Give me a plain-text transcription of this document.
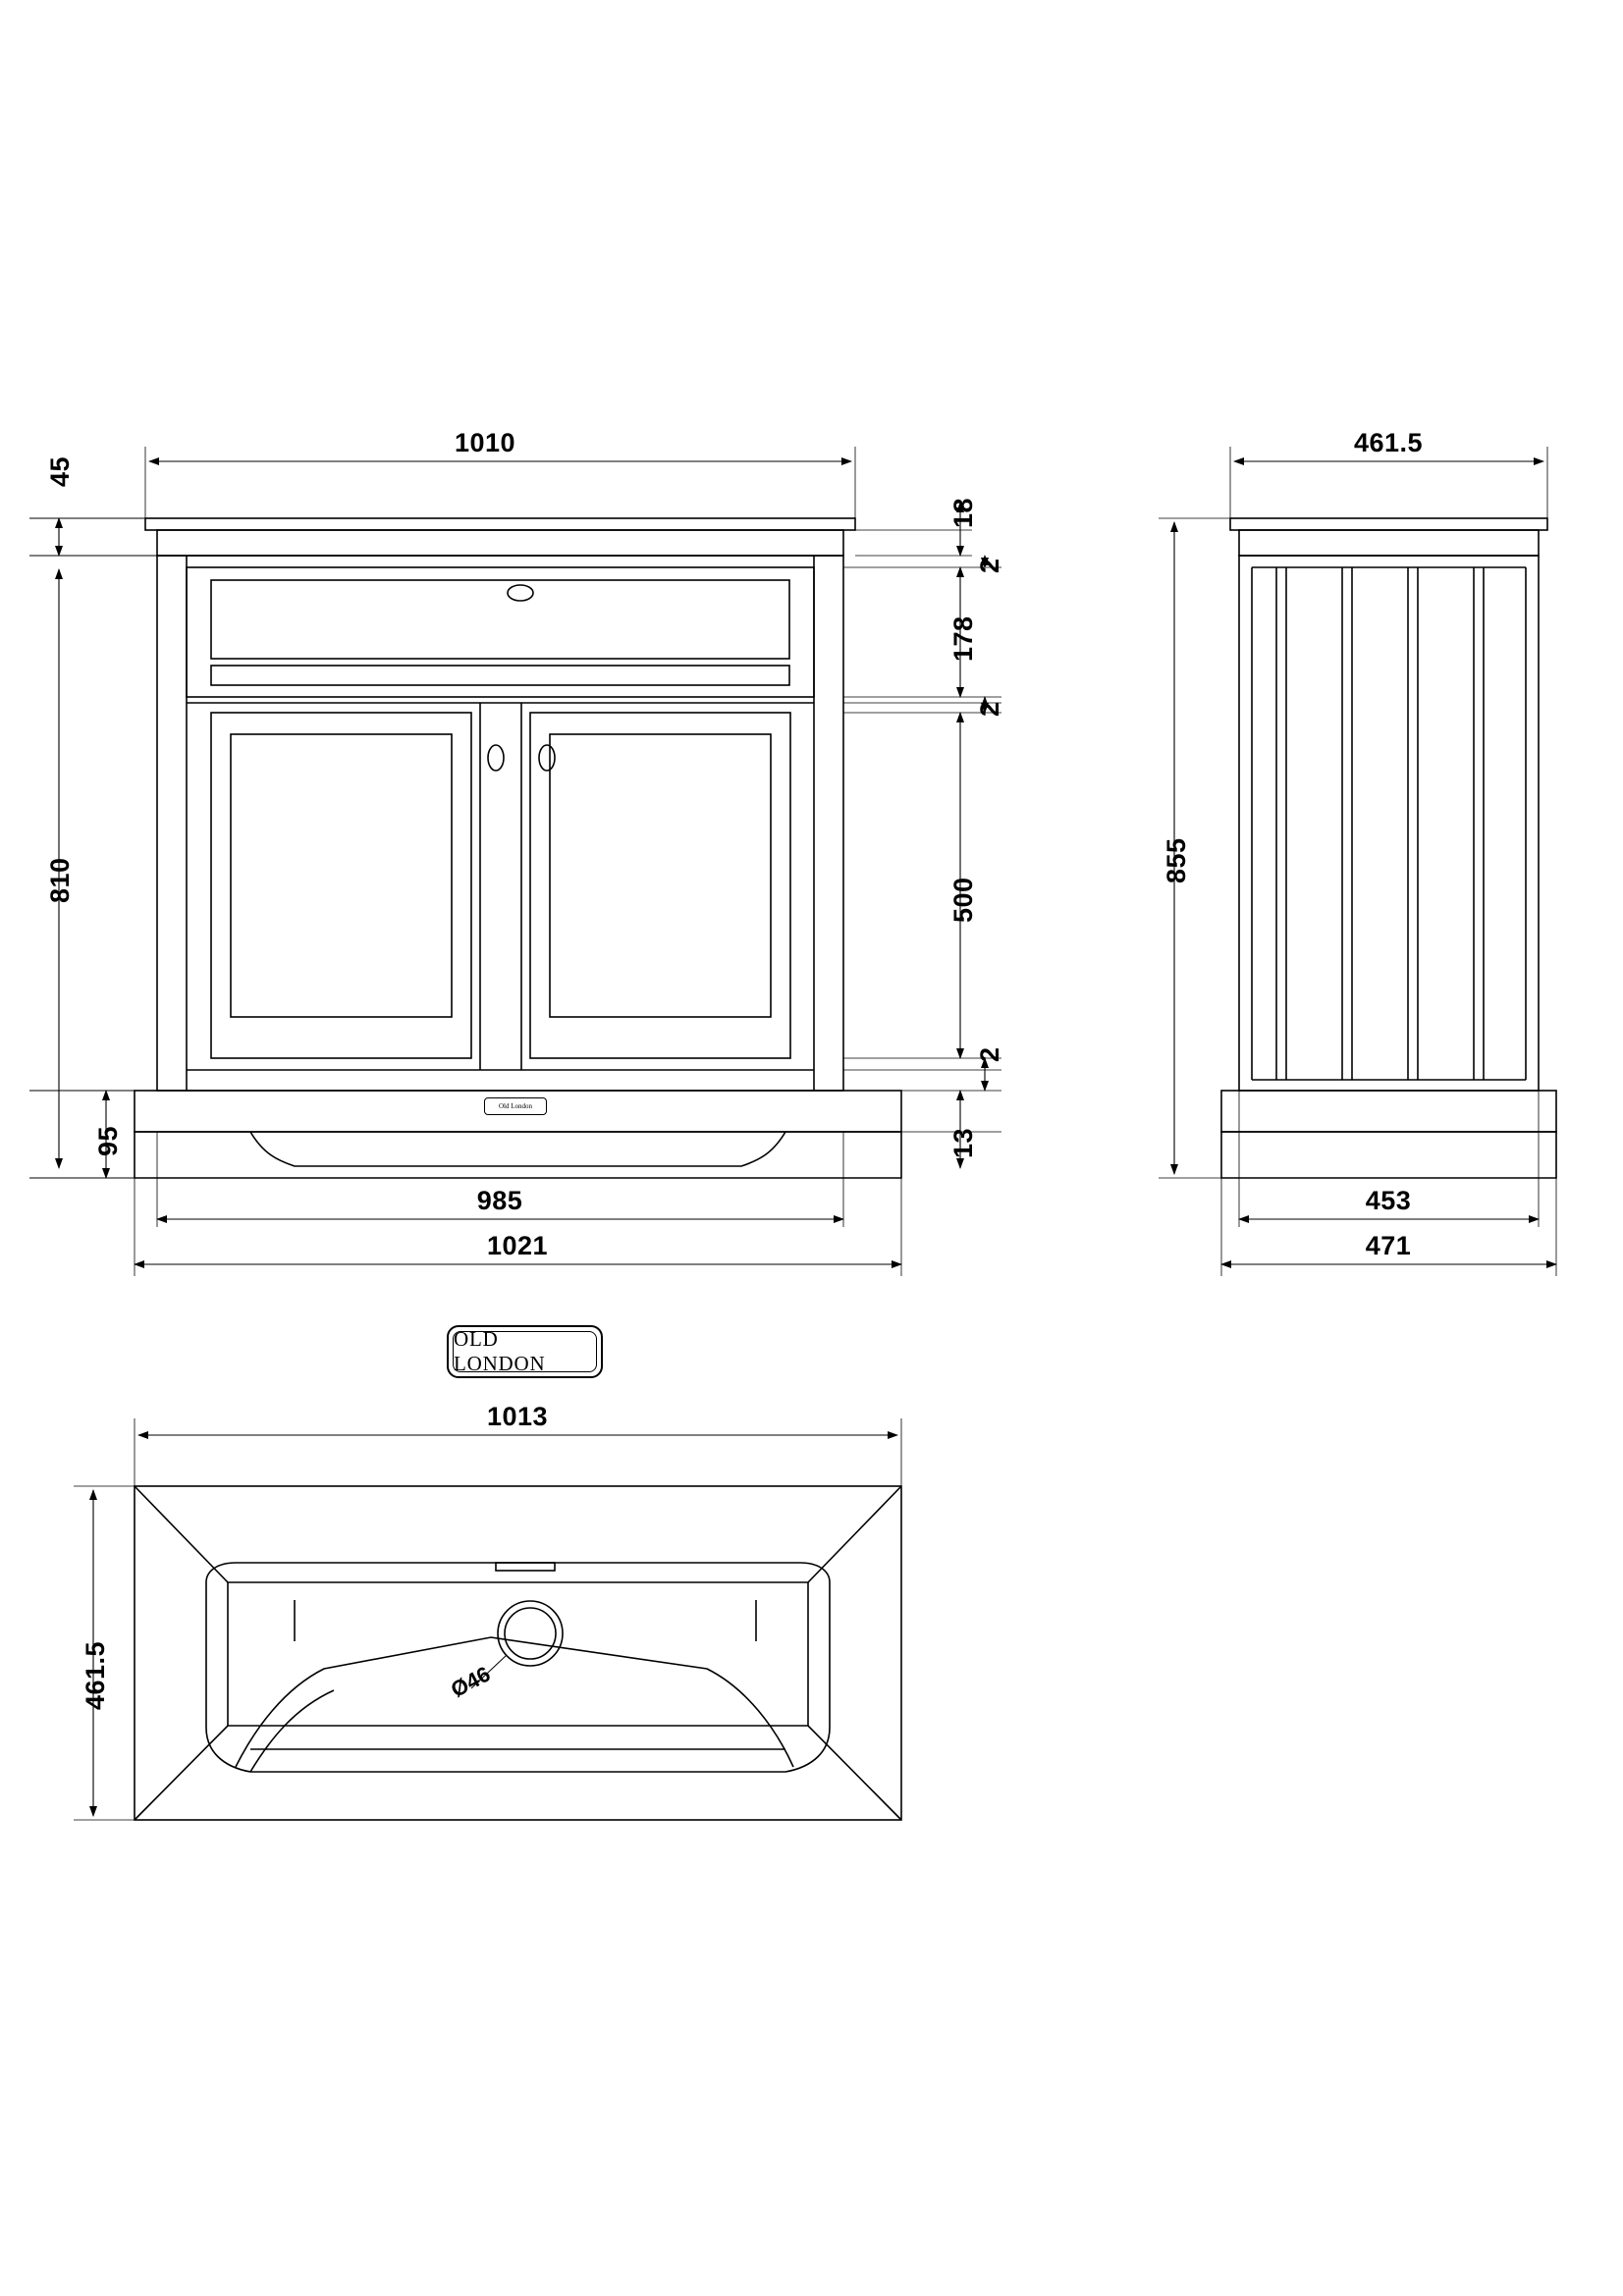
1010
45
810
95
18
2
178
2
500
2
13
985
1021
461.5
855
453
471
1013
461.5	Ø46
OLD LONDON
Old London
